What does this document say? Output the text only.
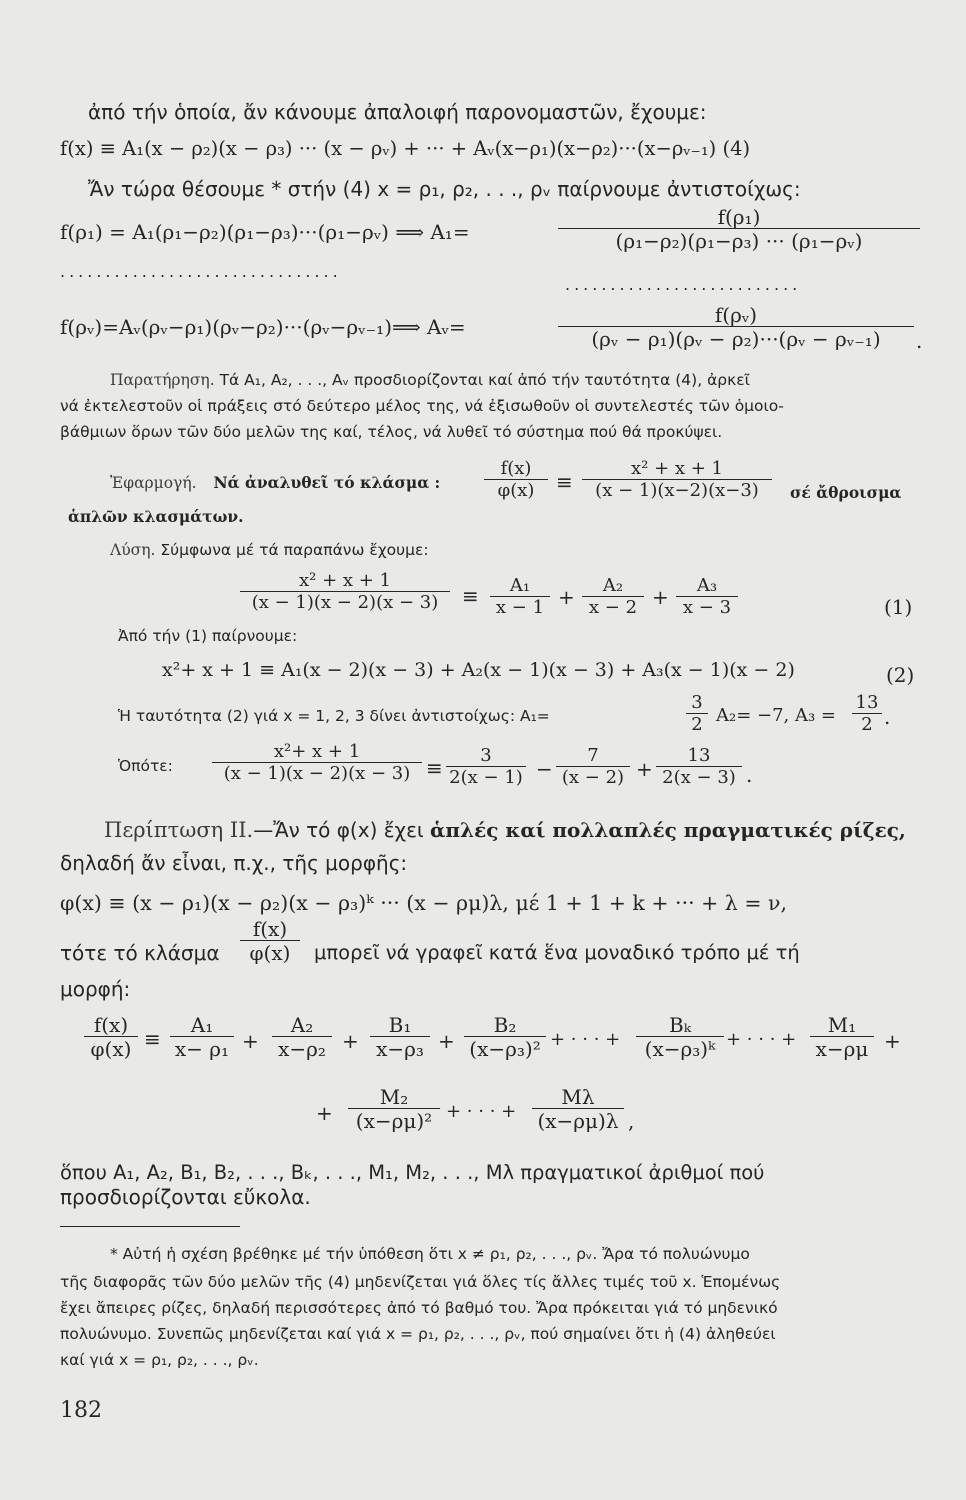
ἀπό τήν ὁποία, ἄν κάνουμε ἀπαλοιφή παρονομαστῶν, ἔχουμε:
f(x) ≡ A₁(x − ρ₂)(x − ρ₃) ··· (x − ρᵥ) + ··· + Aᵥ(x−ρ₁)(x−ρ₂)···(x−ρᵥ₋₁) (4)
Ἄν τώρα θέσουμε * στήν (4) x = ρ₁, ρ₂, . . ., ρᵥ παίρνουμε ἀντιστοίχως:
f(ρ₁) = A₁(ρ₁−ρ₂)(ρ₁−ρ₃)···(ρ₁−ρᵥ) ⟹ A₁=	$\frac{\text{f(ρ₁)}}{\text{(ρ₁−ρ₂)(ρ₁−ρ₃) ··· (ρ₁−ρᵥ)}}$
...............................
..........................
f(ρᵥ)=Aᵥ(ρᵥ−ρ₁)(ρᵥ−ρ₂)···(ρᵥ−ρᵥ₋₁)⟹ Aᵥ=	$\frac{\text{f(ρᵥ)}}{\text{(ρᵥ − ρ₁)(ρᵥ − ρ₂)···(ρᵥ − ρᵥ₋₁)}}$ .
Παρατήρηση. Τά A₁, A₂, . . ., Aᵥ προσδιορίζονται καί ἀπό τήν ταυτότητα (4), ἀρκεῖ
νά ἐκτελεστοῦν οἱ πράξεις στό δεύτερο μέλος της, νά ἐξισωθοῦν οἱ συντελεστές τῶν ὁμοιο-
βάθμιων ὅρων τῶν δύο μελῶν της καί, τέλος, νά λυθεῖ τό σύστημα πού θά προκύψει.
Ἐφαρμογή. Νά ἀναλυθεῖ τό κλάσμα : $\frac{f(x)}{\varphi(x)} \equiv \frac{\text{x² + x + 1}}{(x - 1)(x-2)(x-3)}$ σέ ἄθροισμα
ἁπλῶν κλασμάτων.
Λύση. Σύμφωνα μέ τά παραπάνω ἔχουμε:
$\frac{\text{x² + x + 1}}{(x - 1)(x - 2)(x - 3)} \equiv \frac{\text{A₁}}{x - 1} + \frac{\text{A₂}}{x - 2} + \frac{\text{A₃}}{x - 3}$	(1)
Ἀπό τήν (1) παίρνουμε:
x²+ x + 1 ≡ A₁(x − 2)(x − 3) + A₂(x − 1)(x − 3) + A₃(x − 1)(x − 2)	(2)
Ἡ ταυτότητα (2) γιά x = 1, 2, 3 δίνει ἀντιστοίχως: A₁=	$\frac{3}{2} A_2= -7$, $A_3 = \frac{13}{2}$ .
Ὁπότε: $\frac{\text{x²+ x + 1}}{(x - 1)(x - 2)(x - 3)} \equiv \frac{3}{2(x - 1)} - \frac{7}{(x - 2)} + \frac{13}{2(x - 3)}$ .
Περίπτωση ΙΙ.—Ἄν τό φ(x) ἔχει ἁπλές καί πολλαπλές πραγματικές ρίζες,
δηλαδή ἄν εἶναι, π.χ., τῆς μορφῆς:
φ(x) ≡ (x − ρ₁)(x − ρ₂)(x − ρ₃)ᵏ ··· (x − ρμ)λ, μέ 1 + 1 + k + ··· + λ = ν,
τότε τό κλάσμα $\frac{f(x)}{\varphi(x)}$ μπορεῖ νά γραφεῖ κατά ἕνα μοναδικό τρόπο μέ τή
μορφή:
$\frac{f(x)}{\varphi(x)} \equiv \frac{\text{A₁}}{\text{x− ρ₁}} + \frac{\text{A₂}}{\text{x−ρ₂}} + \frac{\text{B₁}}{\text{x−ρ₃}} + \frac{\text{B₂}}{\text{(x−ρ₃)²}}$ + · · · + $\frac{\text{Bₖ}}{\text{(x−ρ₃)ᵏ}}$ + · · · + $\frac{\text{M₁}}{x-\rho\mu}$ +
+ $\frac{\text{M₂}}{\text{(x−ρμ)²}}$ + · · · + $\frac{M\lambda}{(x-\rho\mu)\lambda}$ ,
ὅπου A₁, A₂, B₁, B₂, . . ., Bₖ, . . ., M₁, M₂, . . ., Mλ πραγματικοί ἀριθμοί πού
προσδιορίζονται εὔκολα.
* Αὐτή ἡ σχέση βρέθηκε μέ τήν ὑπόθεση ὅτι x ≠ ρ₁, ρ₂, . . ., ρᵥ. Ἄρα τό πολυώνυμο
τῆς διαφορᾶς τῶν δύο μελῶν τῆς (4) μηδενίζεται γιά ὅλες τίς ἄλλες τιμές τοῦ x. Ἑπομένως
ἔχει ἄπειρες ρίζες, δηλαδή περισσότερες ἀπό τό βαθμό του. Ἄρα πρόκειται γιά τό μηδενικό
πολυώνυμο. Συνεπῶς μηδενίζεται καί γιά x = ρ₁, ρ₂, . . ., ρᵥ, πού σημαίνει ὅτι ἡ (4) ἀληθεύει
καί γιά x = ρ₁, ρ₂, . . ., ρᵥ.
182
